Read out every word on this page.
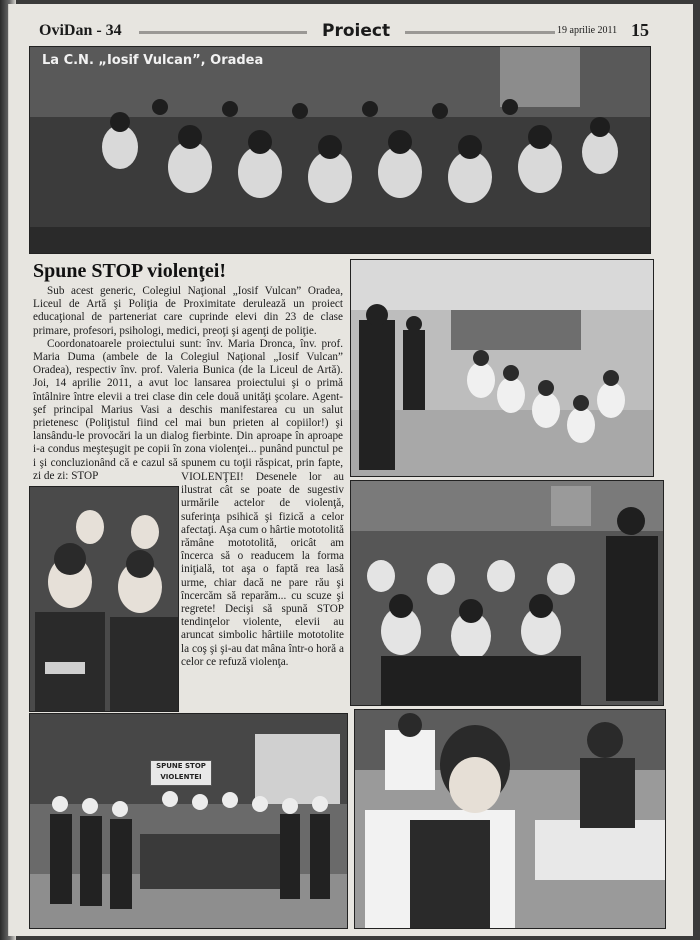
OviDan - 34	Proiect	19 aprilie 2011 15
La C.N. „Iosif Vulcan”, Oradea
Spune STOP violenţei!

Sub acest generic, Colegiul Naţional „Iosif Vulcan” Oradea, Liceul de Artă şi Poliţia de Proximitate derulează un proiect educaţional de parteneriat care cuprinde elevi din 23 de clase primare, profesori, psihologi, medici, preoţi şi agenţi de poliţie.

Coordonatoarele proiectului sunt: înv. Maria Dronca, înv. prof. Maria Duma (ambele de la Colegiul Naţional „Iosif Vulcan” Oradea), respectiv înv. prof. Valeria Bunica (de la Liceul de Artă). Joi, 14 aprilie 2011, a avut loc lansarea proiectului şi o primă întâlnire între elevii a trei clase din cele două unităţi şcolare. Agent-şef principal Marius Vasi a deschis manifestarea cu un salut prietenesc (Poliţistul fiind cel mai bun prieten al copiilor!) şi lansându-le provocări la un dialog fierbinte. Din aproape în aproape i-a condus meşteşugit pe copii în zona violenţei... punând punctul pe i şi concluzionând că e cazul să spunem cu toţii răspicat, prin fapte, zi de zi: STOP	VIOLENŢEI! Desenele lor au ilustrat cât se poate de sugestiv urmările actelor de violenţă, suferinţa psihică şi fizică a celor afectaţi. Aşa cum o hârtie mototolită rămâne mototolită, oricât am încerca să o readucem la forma iniţială, tot aşa o faptă rea lasă urme, chiar dacă ne pare rău şi încercăm să reparăm... cu scuze şi regrete! Decişi să spună STOP tendinţelor violente, elevii au aruncat simbolic hârtiile mototolite la coş şi şi-au dat mâna într-o horă a celor ce refuză violenţa.

SPUNE STOP VIOLENTEI
